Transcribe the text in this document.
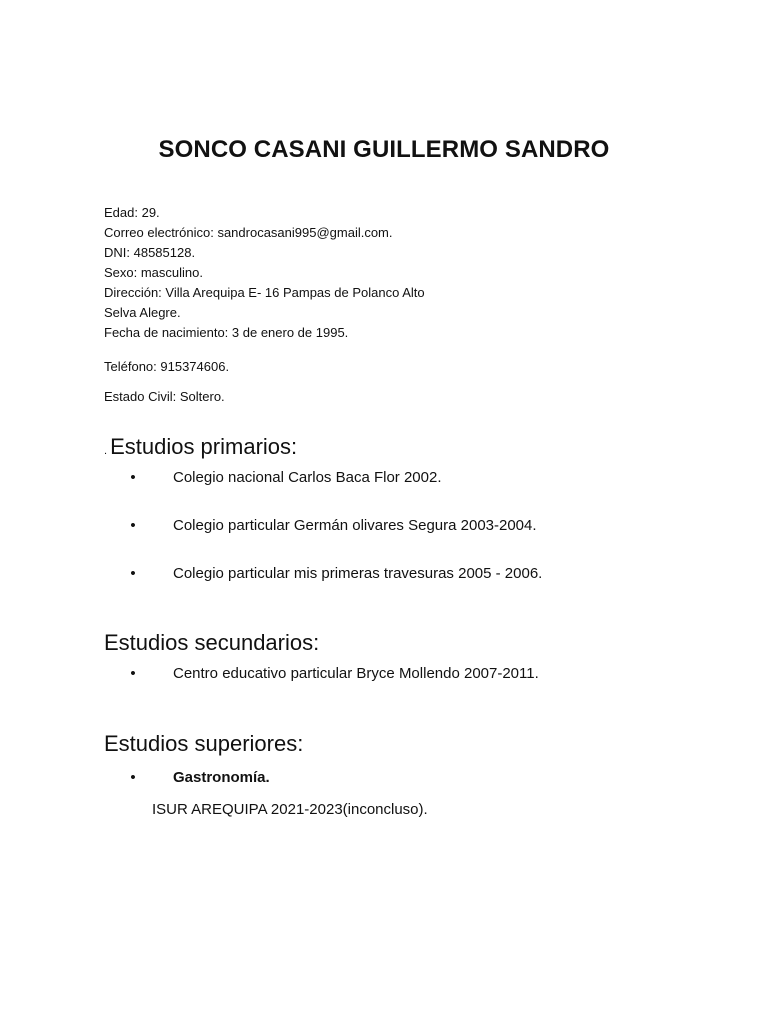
SONCO CASANI GUILLERMO SANDRO
Edad: 29.
Correo electrónico: sandrocasani995@gmail.com.
DNI: 48585128.
Sexo: masculino.
Dirección: Villa Arequipa E- 16 Pampas de Polanco Alto
Selva Alegre.
Fecha de nacimiento: 3 de enero de 1995.
Teléfono: 915374606.
Estado Civil: Soltero.
. Estudios primarios:
• Colegio nacional Carlos Baca Flor 2002.
• Colegio particular Germán olivares Segura 2003-2004.
• Colegio particular mis primeras travesuras 2005 - 2006.
Estudios secundarios:
• Centro educativo particular Bryce Mollendo 2007-2011.
Estudios superiores:
• Gastronomía.
ISUR AREQUIPA 2021-2023(inconcluso).
